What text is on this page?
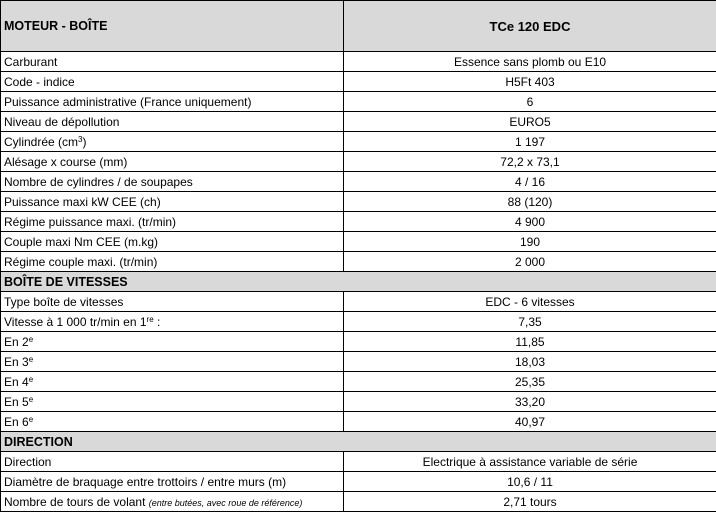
MOTEUR - BOÎTE	TCe 120 EDC
Carburant	Essence sans plomb ou E10
Code - indice	H5Ft 403
Puissance administrative (France uniquement)	6
Niveau de dépollution	EURO5
Cylindrée $(cm^3)$	1 197
Alésage x course (mm)	72,2 x 73,1
Nombre de cylindres / de soupapes	4 / 16
Puissance maxi kW CEE (ch)	88 (120)
Régime puissance maxi. (tr/min)	4 900
Couple maxi Nm CEE (m.kg)	190
Régime couple maxi. (tr/min)	2 000
BOÎTE DE VITESSES	
Type boîte de vitesses	EDC - 6 vitesses
Vitesse à 1 000 tr/min en 1re :	7,35
En 2e	11,85
En 3e	18,03
En 4e	25,35
En 5e	33,20
En 6e	40,97
DIRECTION	
Direction	Electrique à assistance variable de série
Diamètre de braquage entre trottoirs / entre murs (m)	10,6 / 11
Nombre de tours de volant (entre butées, avec roue de référence)	2,71 tours
